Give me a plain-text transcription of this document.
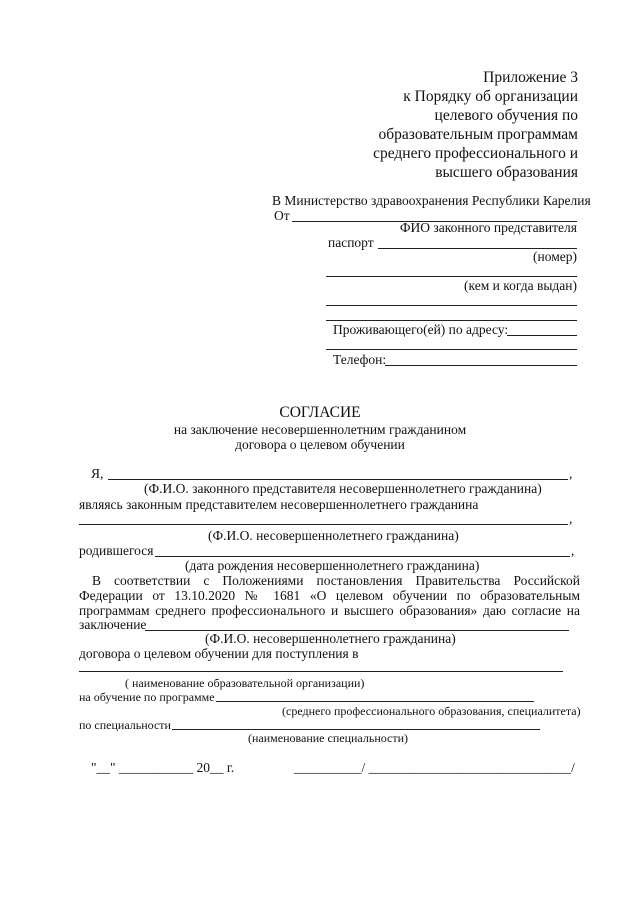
Приложение 3
к Порядку об организации
целевого обучения по
образовательным программам
среднего профессионального и
высшего образования
В Министерство здравоохранения Республики Карелия
От
ФИО законного представителя
паспорт
(номер)
(кем и когда выдан)
Проживающего(ей) по адресу:
Телефон:
СОГЛАСИЕ
на заключение несовершеннолетним гражданином
договора о целевом обучении
Я,	,
(Ф.И.О. законного представителя несовершеннолетнего гражданина)
являясь законным представителем несовершеннолетнего гражданина
,
(Ф.И.О. несовершеннолетнего гражданина)
родившегося	,
(дата рождения несовершеннолетнего гражданина)
В соответствии с Положениями постановления Правительства Российской
Федерации от 13.10.2020 № 1681 «О целевом обучении по образовательным
программам среднего профессионального и высшего образования» даю согласие на
заключение
(Ф.И.О. несовершеннолетнего гражданина)
договора о целевом обучении для поступления в
( наименование образовательной организации)
на обучение по программе
(среднего профессионального образования, специалитета)
по специальности
(наименование специальности)
"__" ___________ 20__ г.	__________/ ______________________________/
